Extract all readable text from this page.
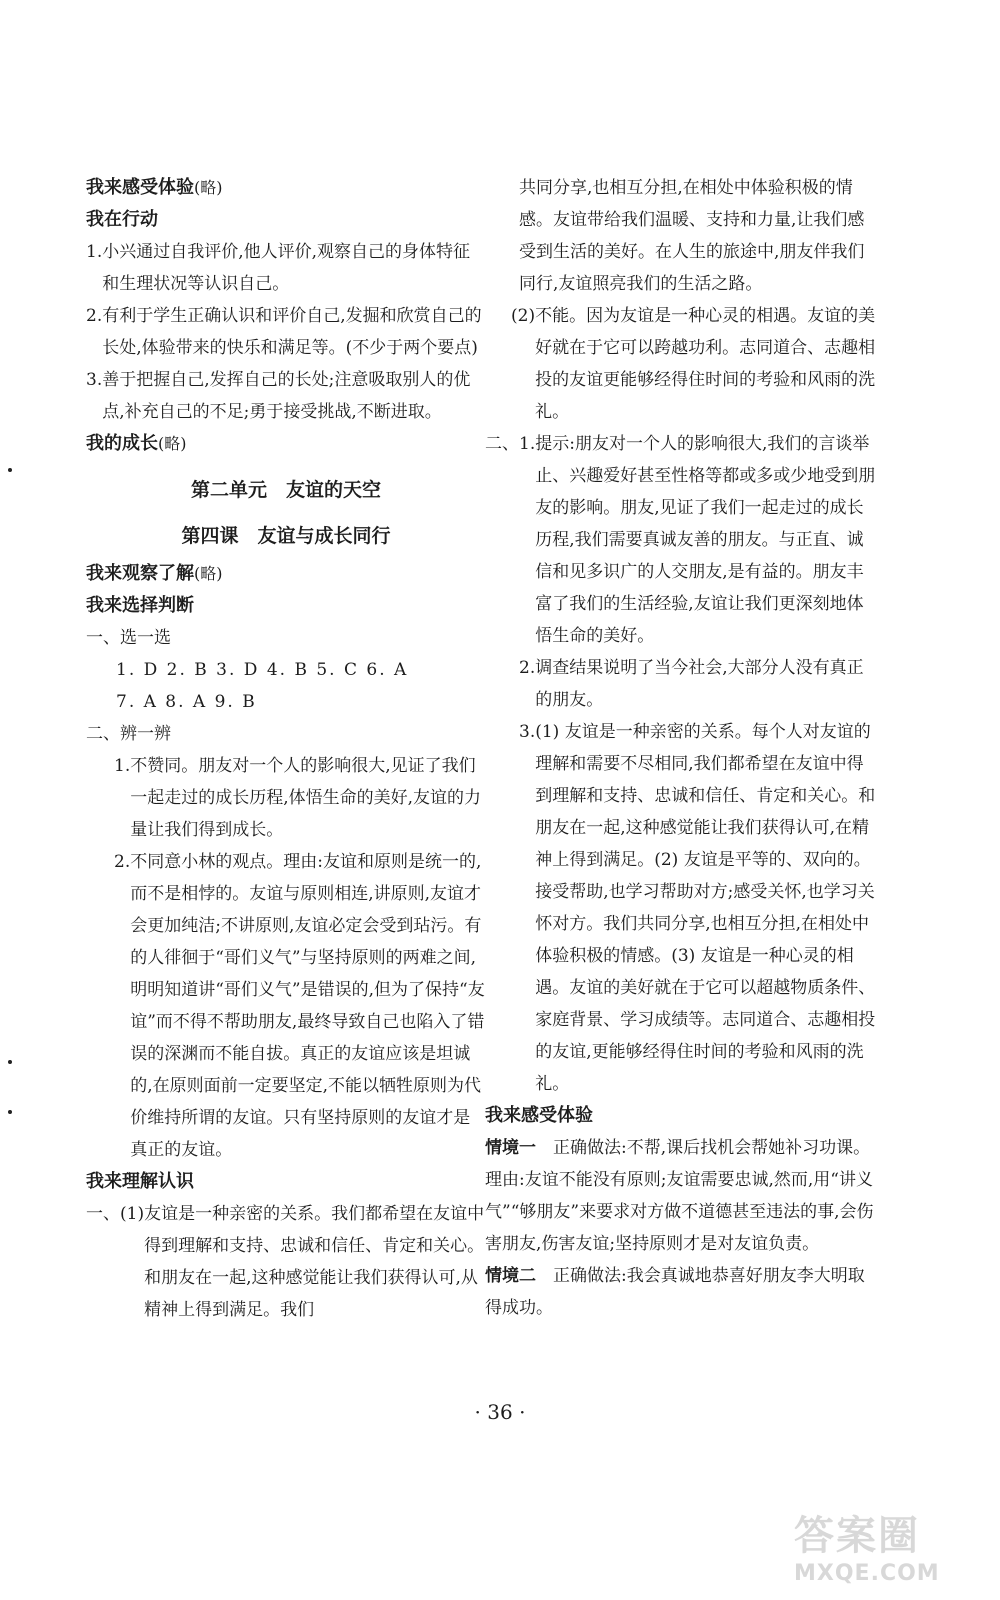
我来感受体验(略)

我在行动

1. 小兴通过自我评价,他人评价,观察自己的身体特征和生理状况等认识自己。
2. 有利于学生正确认识和评价自己,发掘和欣赏自己的长处,体验带来的快乐和满足等。(不少于两个要点)
3. 善于把握自己,发挥自己的长处;注意吸取别人的优点,补充自己的不足;勇于接受挑战,不断进取。

我的成长(略)

第二单元　友谊的天空

第四课　友谊与成长同行

我来观察了解(略)

我来选择判断

一、选一选

1. D 2. B 3. D 4. B 5. C 6. A

7. A 8. A 9. B

二、辨一辨

1. 不赞同。朋友对一个人的影响很大,见证了我们一起走过的成长历程,体悟生命的美好,友谊的力量让我们得到成长。
2. 不同意小林的观点。理由:友谊和原则是统一的,而不是相悖的。友谊与原则相连,讲原则,友谊才会更加纯洁;不讲原则,友谊必定会受到玷污。有的人徘徊于“哥们义气”与坚持原则的两难之间,明明知道讲“哥们义气”是错误的,但为了保持“友谊”而不得不帮助朋友,最终导致自己也陷入了错误的深渊而不能自拔。真正的友谊应该是坦诚的,在原则面前一定要坚定,不能以牺牲原则为代价维持所谓的友谊。只有坚持原则的友谊才是真正的友谊。

我来理解认识

一、(1) 友谊是一种亲密的关系。我们都希望在友谊中得到理解和支持、忠诚和信任、肯定和关心。和朋友在一起,这种感觉能让我们获得认可,从精神上得到满足。我们

共同分享,也相互分担,在相处中体验积极的情感。友谊带给我们温暖、支持和力量,让我们感受到生活的美好。在人生的旅途中,朋友伴我们同行,友谊照亮我们的生活之路。

(2) 不能。因为友谊是一种心灵的相遇。友谊的美好就在于它可以跨越功利。志同道合、志趣相投的友谊更能够经得住时间的考验和风雨的洗礼。
二、1. 提示:朋友对一个人的影响很大,我们的言谈举止、兴趣爱好甚至性格等都或多或少地受到朋友的影响。朋友,见证了我们一起走过的成长历程,我们需要真诚友善的朋友。与正直、诚信和见多识广的人交朋友,是有益的。朋友丰富了我们的生活经验,友谊让我们更深刻地体悟生命的美好。
2. 调查结果说明了当今社会,大部分人没有真正的朋友。
3. (1) 友谊是一种亲密的关系。每个人对友谊的理解和需要不尽相同,我们都希望在友谊中得到理解和支持、忠诚和信任、肯定和关心。和朋友在一起,这种感觉能让我们获得认可,在精神上得到满足。(2) 友谊是平等的、双向的。接受帮助,也学习帮助对方;感受关怀,也学习关怀对方。我们共同分享,也相互分担,在相处中体验积极的情感。(3) 友谊是一种心灵的相遇。友谊的美好就在于它可以超越物质条件、家庭背景、学习成绩等。志同道合、志趣相投的友谊,更能够经得住时间的考验和风雨的洗礼。

我来感受体验

情境一　正确做法:不帮,课后找机会帮她补习功课。

理由:友谊不能没有原则;友谊需要忠诚,然而,用“讲义气”“够朋友”来要求对方做不道德甚至违法的事,会伤害朋友,伤害友谊;坚持原则才是对友谊负责。

情境二　正确做法:我会真诚地恭喜好朋友李大明取得成功。

· 36 ·
答案圈
MXQE.COM
